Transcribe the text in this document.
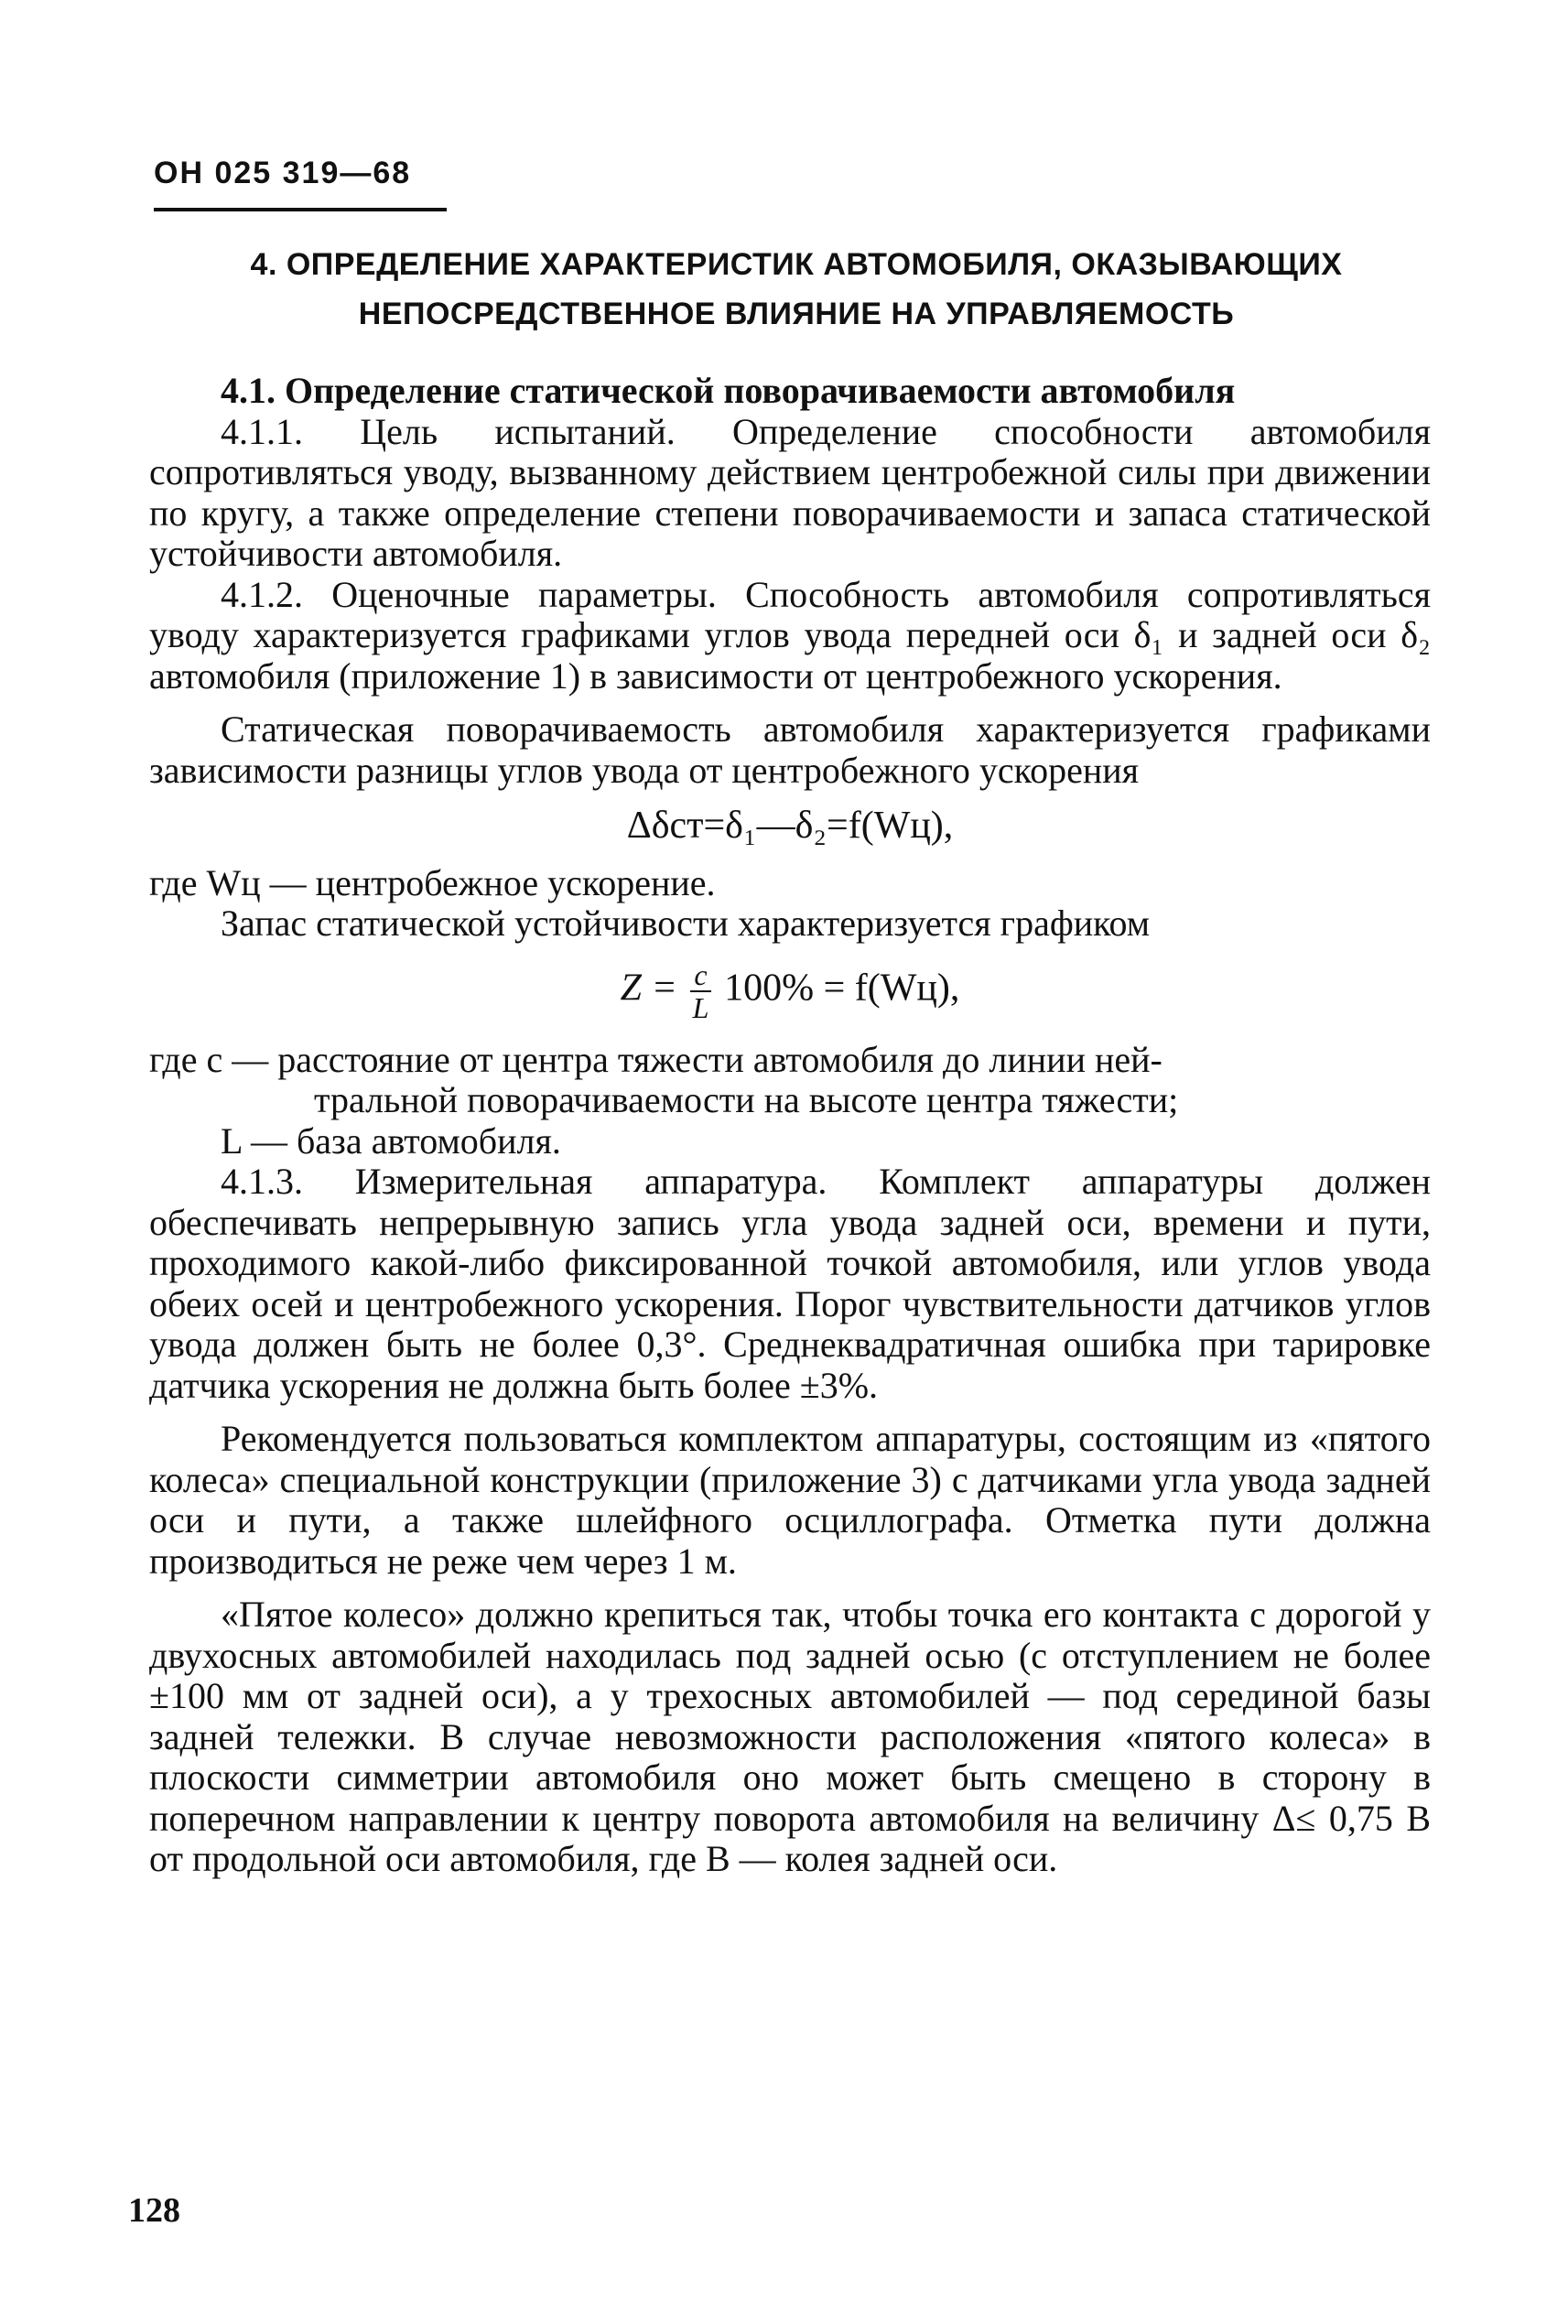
ОН 025 319—68
4. ОПРЕДЕЛЕНИЕ ХАРАКТЕРИСТИК АВТОМОБИЛЯ, ОКАЗЫВАЮЩИХ
НЕПОСРЕДСТВЕННОЕ ВЛИЯНИЕ НА УПРАВЛЯЕМОСТЬ

4.1. Определение статической поворачиваемости автомобиля

4.1.1. Цель испытаний. Определение способности автомобиля сопротивляться уводу, вызванному действием центробежной силы при движении по кругу, а также определение степени поворачиваемости и запаса статической устойчивости автомобиля.

4.1.2. Оценочные параметры. Способность автомобиля сопротивляться уводу характеризуется графиками углов увода передней оси δ₁ и задней оси δ₂ автомобиля (приложение 1) в зависимости от центробежного ускорения.

Статическая поворачиваемость автомобиля характеризуется графиками зависимости разницы углов увода от центробежного ускорения

Δδст=δ₁—δ₂=f(Wц),

где Wц — центробежное ускорение.

Запас статической устойчивости характеризуется графиком

$Z = \frac{c}{L} 100\% = f(Wц)$,

где c — расстояние от центра тяжести автомобиля до линии ней-

тральной поворачиваемости на высоте центра тяжести;

L — база автомобиля.

4.1.3. Измерительная аппаратура. Комплект аппаратуры должен обеспечивать непрерывную запись угла увода задней оси, времени и пути, проходимого какой-либо фиксированной точкой автомобиля, или углов увода обеих осей и центробежного ускорения. Порог чувствительности датчиков углов увода должен быть не более 0,3°. Среднеквадратичная ошибка при тарировке датчика ускорения не должна быть более ±3%.

Рекомендуется пользоваться комплектом аппаратуры, состоящим из «пятого колеса» специальной конструкции (приложение 3) с датчиками угла увода задней оси и пути, а также шлейфного осциллографа. Отметка пути должна производиться не реже чем через 1 м.

«Пятое колесо» должно крепиться так, чтобы точка его контакта с дорогой у двухосных автомобилей находилась под задней осью (с отступлением не более ±100 мм от задней оси), а у трехосных автомобилей — под серединой базы задней тележки. В случае невозможности расположения «пятого колеса» в плоскости симметрии автомобиля оно может быть смещено в сторону в поперечном направлении к центру поворота автомобиля на величину Δ≤ 0,75 B от продольной оси автомобиля, где B — колея задней оси.

128
